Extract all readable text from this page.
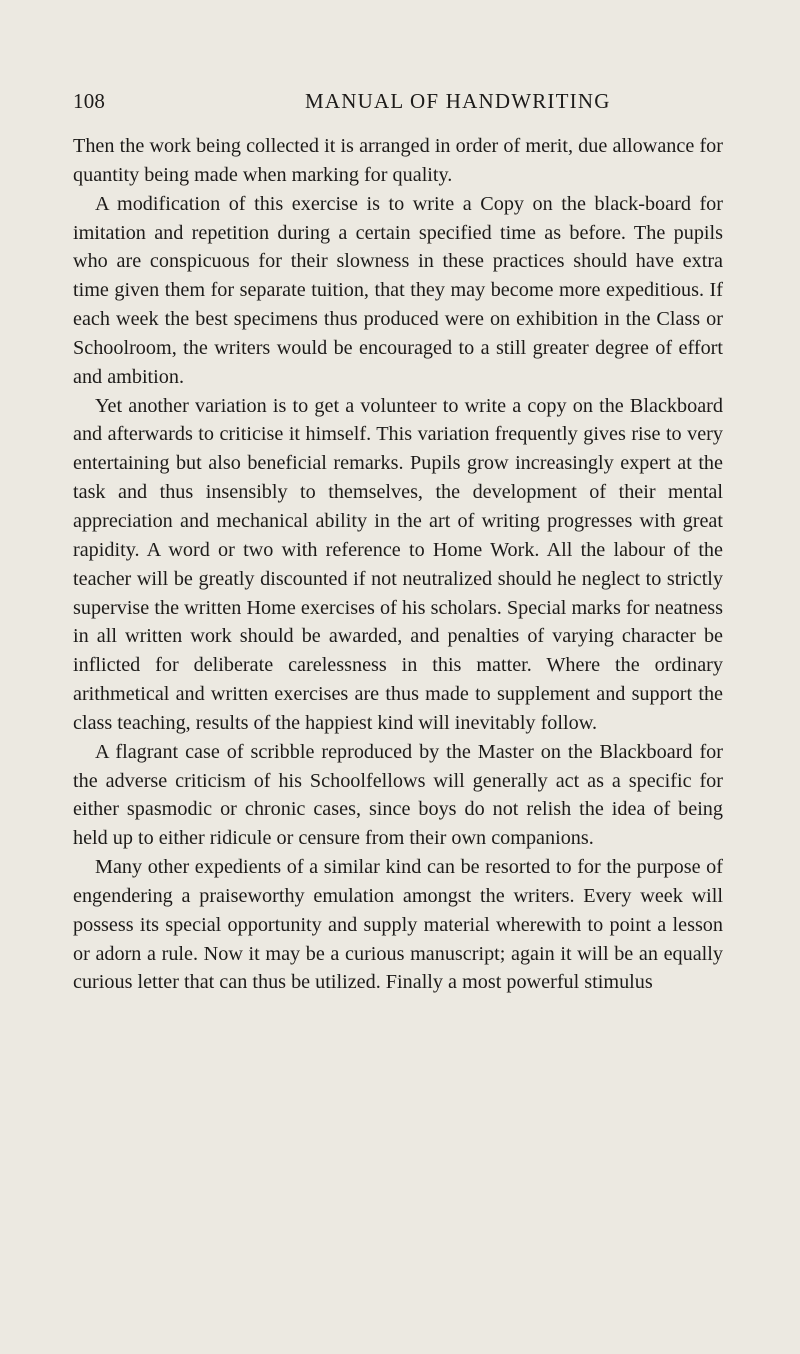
108	MANUAL OF HANDWRITING

Then the work being collected it is arranged in order of merit, due allowance for quantity being made when marking for quality.

A modification of this exercise is to write a Copy on the black-board for imitation and repetition during a certain specified time as before. The pupils who are conspicuous for their slowness in these practices should have extra time given them for separate tuition, that they may become more expeditious. If each week the best specimens thus produced were on exhibition in the Class or Schoolroom, the writers would be encouraged to a still greater degree of effort and ambition.

Yet another variation is to get a volunteer to write a copy on the Blackboard and afterwards to criticise it himself. This variation frequently gives rise to very entertaining but also beneficial remarks. Pupils grow increasingly expert at the task and thus insensibly to themselves, the development of their mental appreciation and mechanical ability in the art of writing progresses with great rapidity. A word or two with reference to Home Work. All the labour of the teacher will be greatly discounted if not neutralized should he neglect to strictly supervise the written Home exercises of his scholars. Special marks for neatness in all written work should be awarded, and penalties of varying character be inflicted for deliberate carelessness in this matter. Where the ordinary arithmetical and written exercises are thus made to supplement and support the class teaching, results of the happiest kind will inevitably follow.

A flagrant case of scribble reproduced by the Master on the Blackboard for the adverse criticism of his Schoolfellows will generally act as a specific for either spasmodic or chronic cases, since boys do not relish the idea of being held up to either ridicule or censure from their own companions.

Many other expedients of a similar kind can be resorted to for the purpose of engendering a praiseworthy emulation amongst the writers. Every week will possess its special opportunity and supply material wherewith to point a lesson or adorn a rule. Now it may be a curious manuscript; again it will be an equally curious letter that can thus be utilized. Finally a most powerful stimulus
